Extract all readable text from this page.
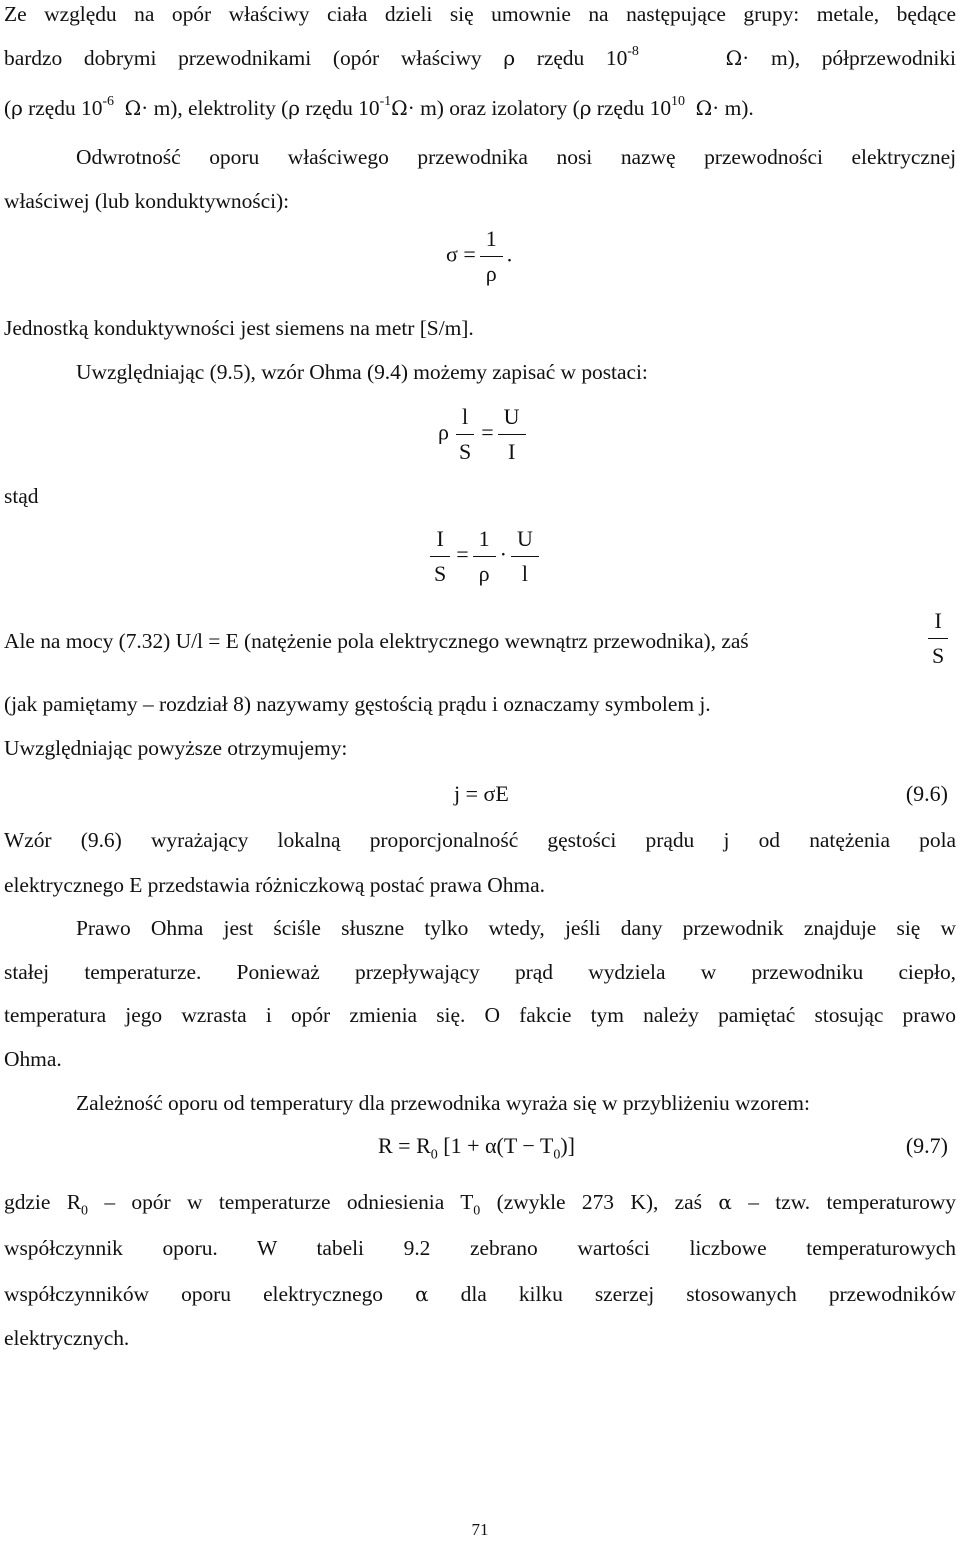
Ze względu na opór właściwy ciała dzieli się umownie na następujące grupy: metale, będące
bardzo dobrymi przewodnikami (opór właściwy ρ rzędu $10^{-8}$	Ω· m), półprzewodniki
(ρ rzędu $10^{-6}$ Ω· m), elektrolity (ρ rzędu $10^{-1}\Omega\cdot m$) oraz izolatory (ρ rzędu $10^{10}$ Ω· m).
Odwrotność oporu właściwego przewodnika nosi nazwę przewodności elektrycznej
właściwej (lub konduktywności):
$\sigma = \frac{1}{\rho}$ .
Jednostką konduktywności jest siemens na metr [S/m].
Uwzględniając (9.5), wzór Ohma (9.4) możemy zapisać w postaci:
ρ $\frac{l}{S} = \frac{U}{I}$
stąd
$\frac{I}{S} = \frac{1}{\rho} \cdot \frac{U}{l}$
Ale na mocy (7.32) U/l = E (natężenie pola elektrycznego wewnątrz przewodnika), zaś	$\frac{I}{S}$
(jak pamiętamy – rozdział 8) nazywamy gęstością prądu i oznaczamy symbolem j.
Uwzględniając powyższe otrzymujemy:
j = σE	(9.6)
Wzór (9.6) wyrażający lokalną proporcjonalność gęstości prądu j od natężenia pola
elektrycznego E przedstawia różniczkową postać prawa Ohma.
Prawo Ohma jest ściśle słuszne tylko wtedy, jeśli dany przewodnik znajduje się w
stałej temperaturze. Ponieważ przepływający prąd wydziela w przewodniku ciepło,
temperatura jego wzrasta i opór zmienia się. O fakcie tym należy pamiętać stosując prawo
Ohma.
Zależność oporu od temperatury dla przewodnika wyraża się w przybliżeniu wzorem:
$R = R_0$ $[1 + \alpha(T - T_0)]$	(9.7)
gdzie $R_0$ – opór w temperaturze odniesienia $T_0$ (zwykle 273 K), zaś α – tzw. temperaturowy
współczynnik oporu. W tabeli 9.2 zebrano wartości liczbowe temperaturowych
współczynników oporu elektrycznego α dla kilku szerzej stosowanych przewodników
elektrycznych.
71
